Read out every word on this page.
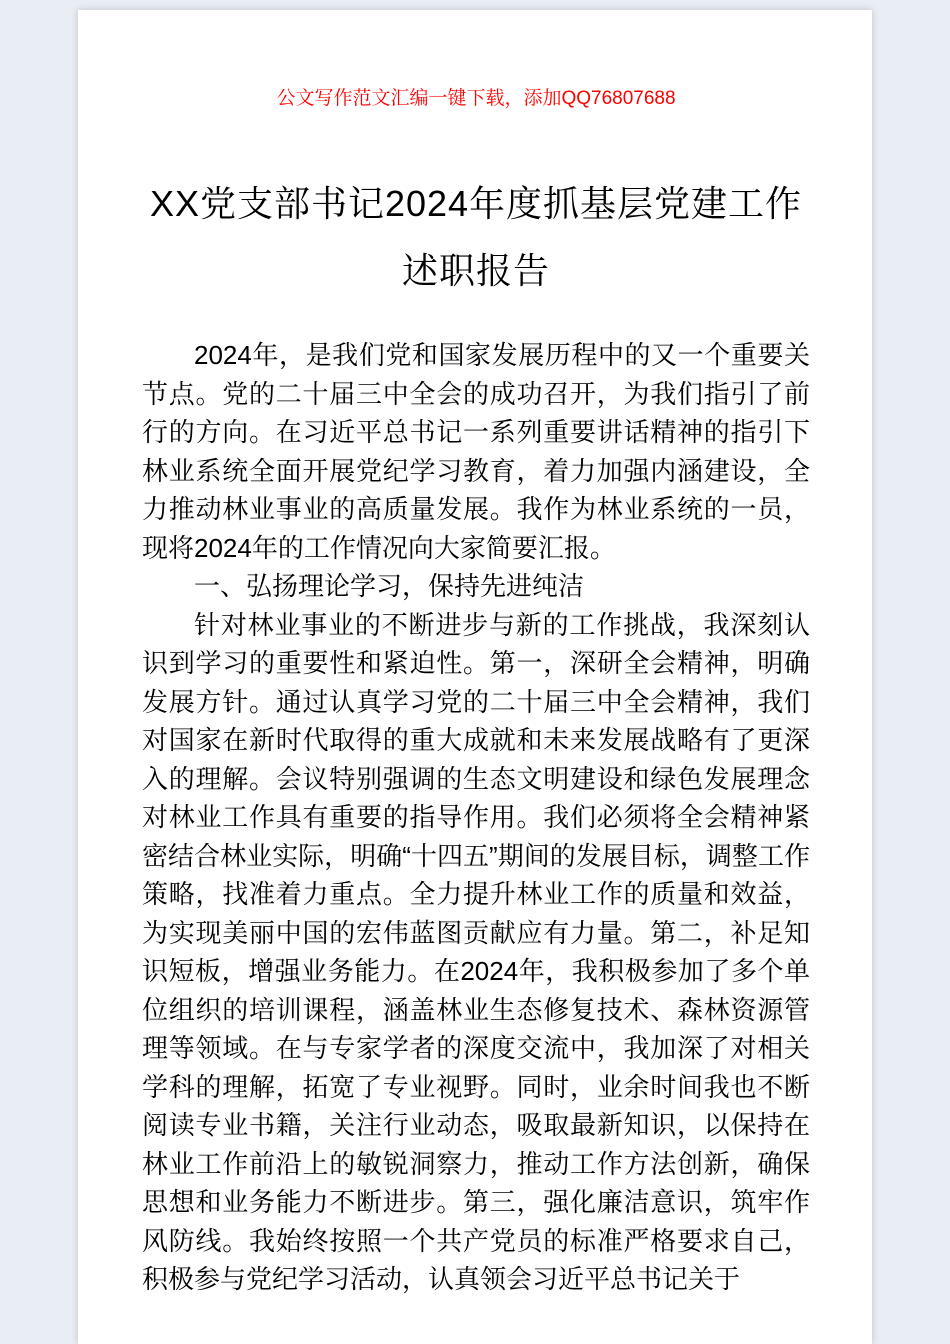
公文写作范文汇编一键下载，添加QQ76807688

XX党支部书记2024年度抓基层党建工作
述职报告

2024年，是我们党和国家发展历程中的又一个重要关节点。党的二十届三中全会的成功召开，为我们指引了前行的方向。在习近平总书记一系列重要讲话精神的指引下林业系统全面开展党纪学习教育，着力加强内涵建设，全力推动林业事业的高质量发展。我作为林业系统的一员，现将2024年的工作情况向大家简要汇报。

一、弘扬理论学习，保持先进纯洁

针对林业事业的不断进步与新的工作挑战，我深刻认识到学习的重要性和紧迫性。第一，深研全会精神，明确发展方针。通过认真学习党的二十届三中全会精神，我们对国家在新时代取得的重大成就和未来发展战略有了更深入的理解。会议特别强调的生态文明建设和绿色发展理念对林业工作具有重要的指导作用。我们必须将全会精神紧密结合林业实际，明确“十四五”期间的发展目标，调整工作策略，找准着力重点。全力提升林业工作的质量和效益，为实现美丽中国的宏伟蓝图贡献应有力量。第二，补足知识短板，增强业务能力。在2024年，我积极参加了多个单位组织的培训课程，涵盖林业生态修复技术、森林资源管理等领域。在与专家学者的深度交流中，我加深了对相关学科的理解，拓宽了专业视野。同时，业余时间我也不断阅读专业书籍，关注行业动态，吸取最新知识，以保持在林业工作前沿上的敏锐洞察力，推动工作方法创新，确保思想和业务能力不断进步。第三，强化廉洁意识，筑牢作风防线。我始终按照一个共产党员的标准严格要求自己，积极参与党纪学习活动，认真领会习近平总书记关于
